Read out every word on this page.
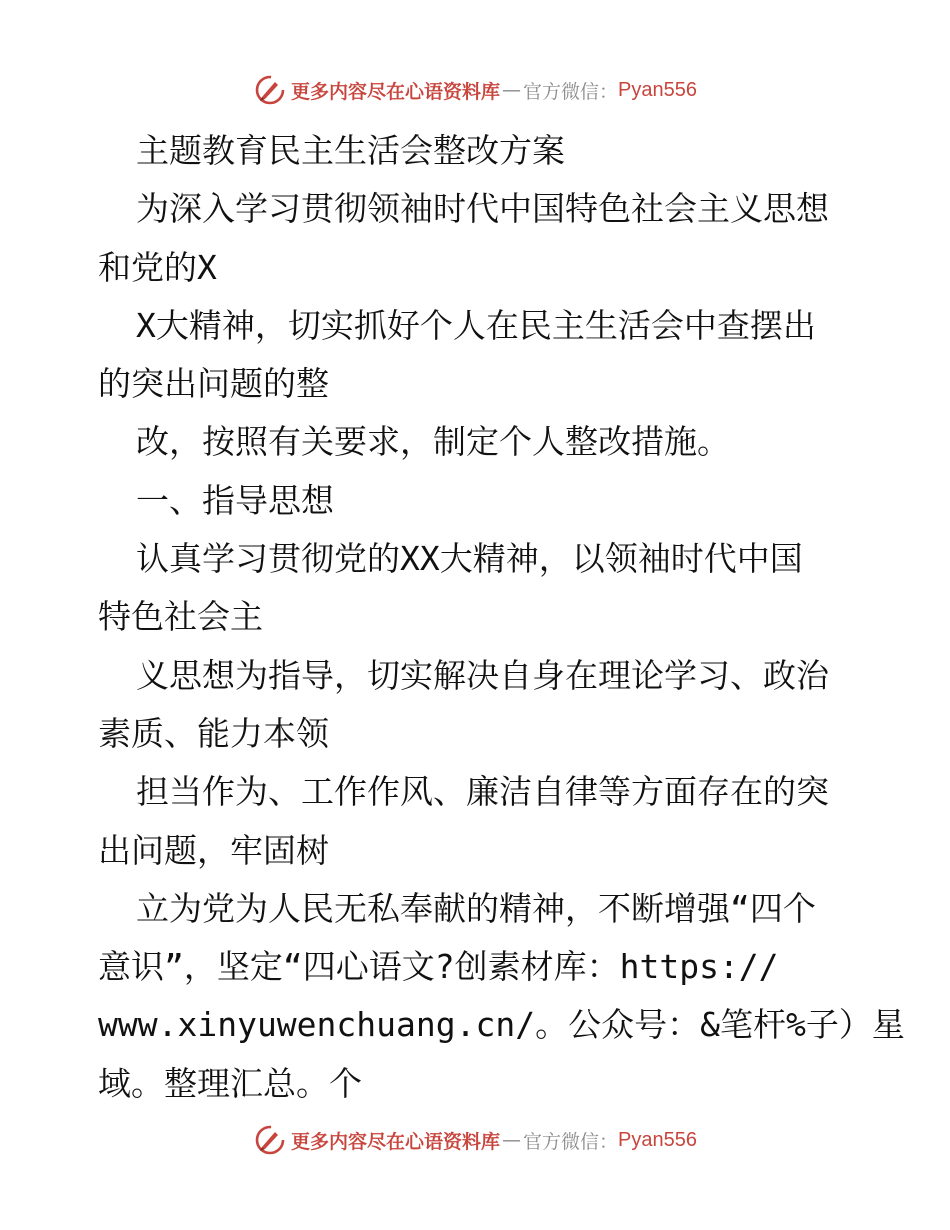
更多内容尽在心语资料库 — 官方微信： Pyan556
主题教育民主生活会整改方案
为深入学习贯彻领袖时代中国特色社会主义思想
和党的X
X大精神，切实抓好个人在民主生活会中查摆出
的突出问题的整
改，按照有关要求，制定个人整改措施。
一、指导思想
认真学习贯彻党的XX大精神，以领袖时代中国
特色社会主
义思想为指导，切实解决自身在理论学习、政治
素质、能力本领
担当作为、工作作风、廉洁自律等方面存在的突
出问题，牢固树
立为党为人民无私奉献的精神，不断增强“四个
意识”，坚定“四心语文?创素材库：https://
www.xinyuwenchuang.cn/。公众号：&笔杆%子）星
域。整理汇总。个
更多内容尽在心语资料库 — 官方微信： Pyan556
